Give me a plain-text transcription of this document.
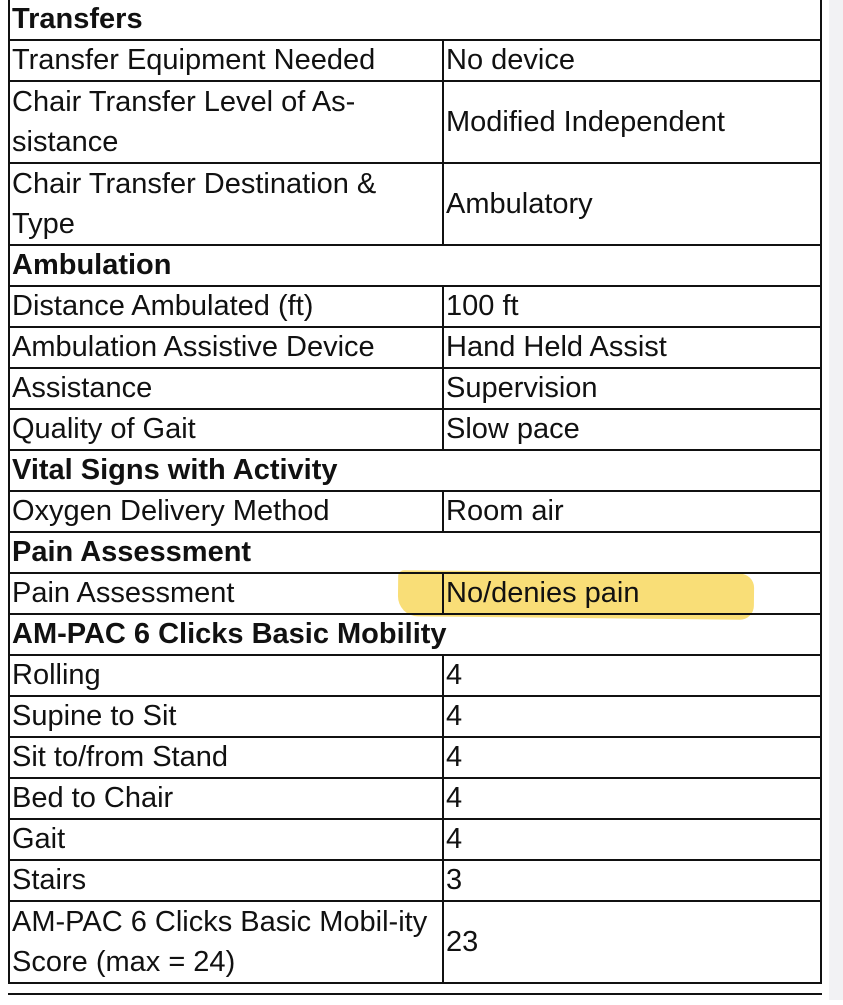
Transfers	
Transfer Equipment Needed	No device
Chair Transfer Level of As-sistance	Modified Independent
Chair Transfer Destination & Type	Ambulatory
Ambulation	
Distance Ambulated (ft)	100 ft
Ambulation Assistive Device	Hand Held Assist
Assistance	Supervision
Quality of Gait	Slow pace
Vital Signs with Activity	
Oxygen Delivery Method	Room air
Pain Assessment	
Pain Assessment	No/denies pain
AM-PAC 6 Clicks Basic Mobility	
Rolling	4
Supine to Sit	4
Sit to/from Stand	4
Bed to Chair	4
Gait	4
Stairs	3
AM-PAC 6 Clicks Basic Mobil-ity Score (max = 24)	23
